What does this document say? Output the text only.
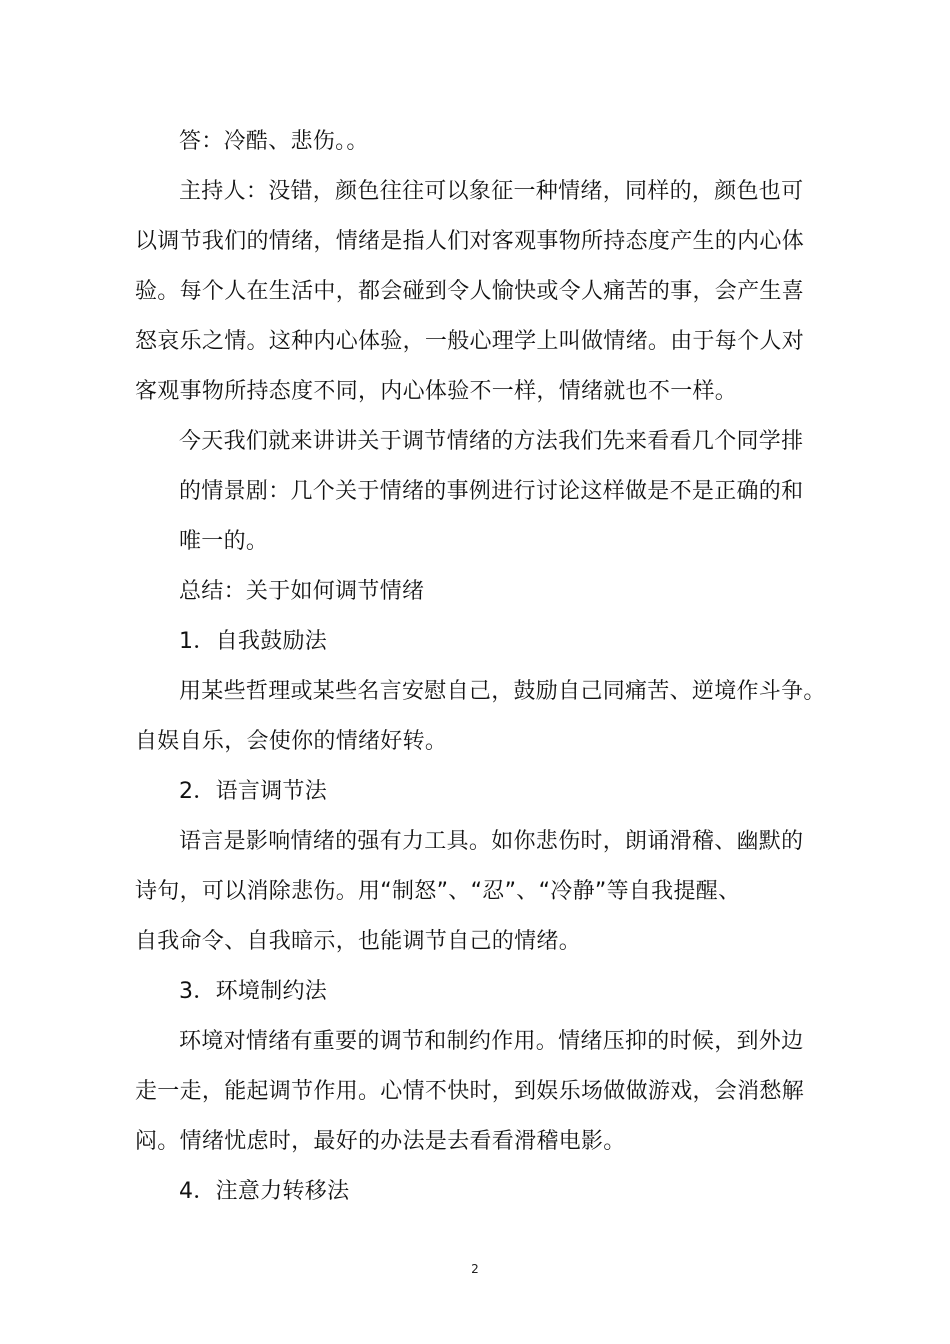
答：冷酷、悲伤。。

主持人：没错，颜色往往可以象征一种情绪，同样的，颜色也可
以调节我们的情绪，情绪是指人们对客观事物所持态度产生的内心体
验。每个人在生活中，都会碰到令人愉快或令人痛苦的事，会产生喜
怒哀乐之情。这种内心体验，一般心理学上叫做情绪。由于每个人对
客观事物所持态度不同，内心体验不一样，情绪就也不一样。

今天我们就来讲讲关于调节情绪的方法我们先来看看几个同学排

的情景剧：几个关于情绪的事例进行讨论这样做是不是正确的和

唯一的。

总结：关于如何调节情绪

1．自我鼓励法

用某些哲理或某些名言安慰自己，鼓励自己同痛苦、逆境作斗争。
自娱自乐，会使你的情绪好转。

2．语言调节法

语言是影响情绪的强有力工具。如你悲伤时，朗诵滑稽、幽默的
诗句，可以消除悲伤。用“制怒”、“忍”、“冷静”等自我提醒、
自我命令、自我暗示，也能调节自己的情绪。

3．环境制约法

环境对情绪有重要的调节和制约作用。情绪压抑的时候，到外边
走一走，能起调节作用。心情不快时，到娱乐场做做游戏，会消愁解
闷。情绪忧虑时，最好的办法是去看看滑稽电影。

4．注意力转移法

2
